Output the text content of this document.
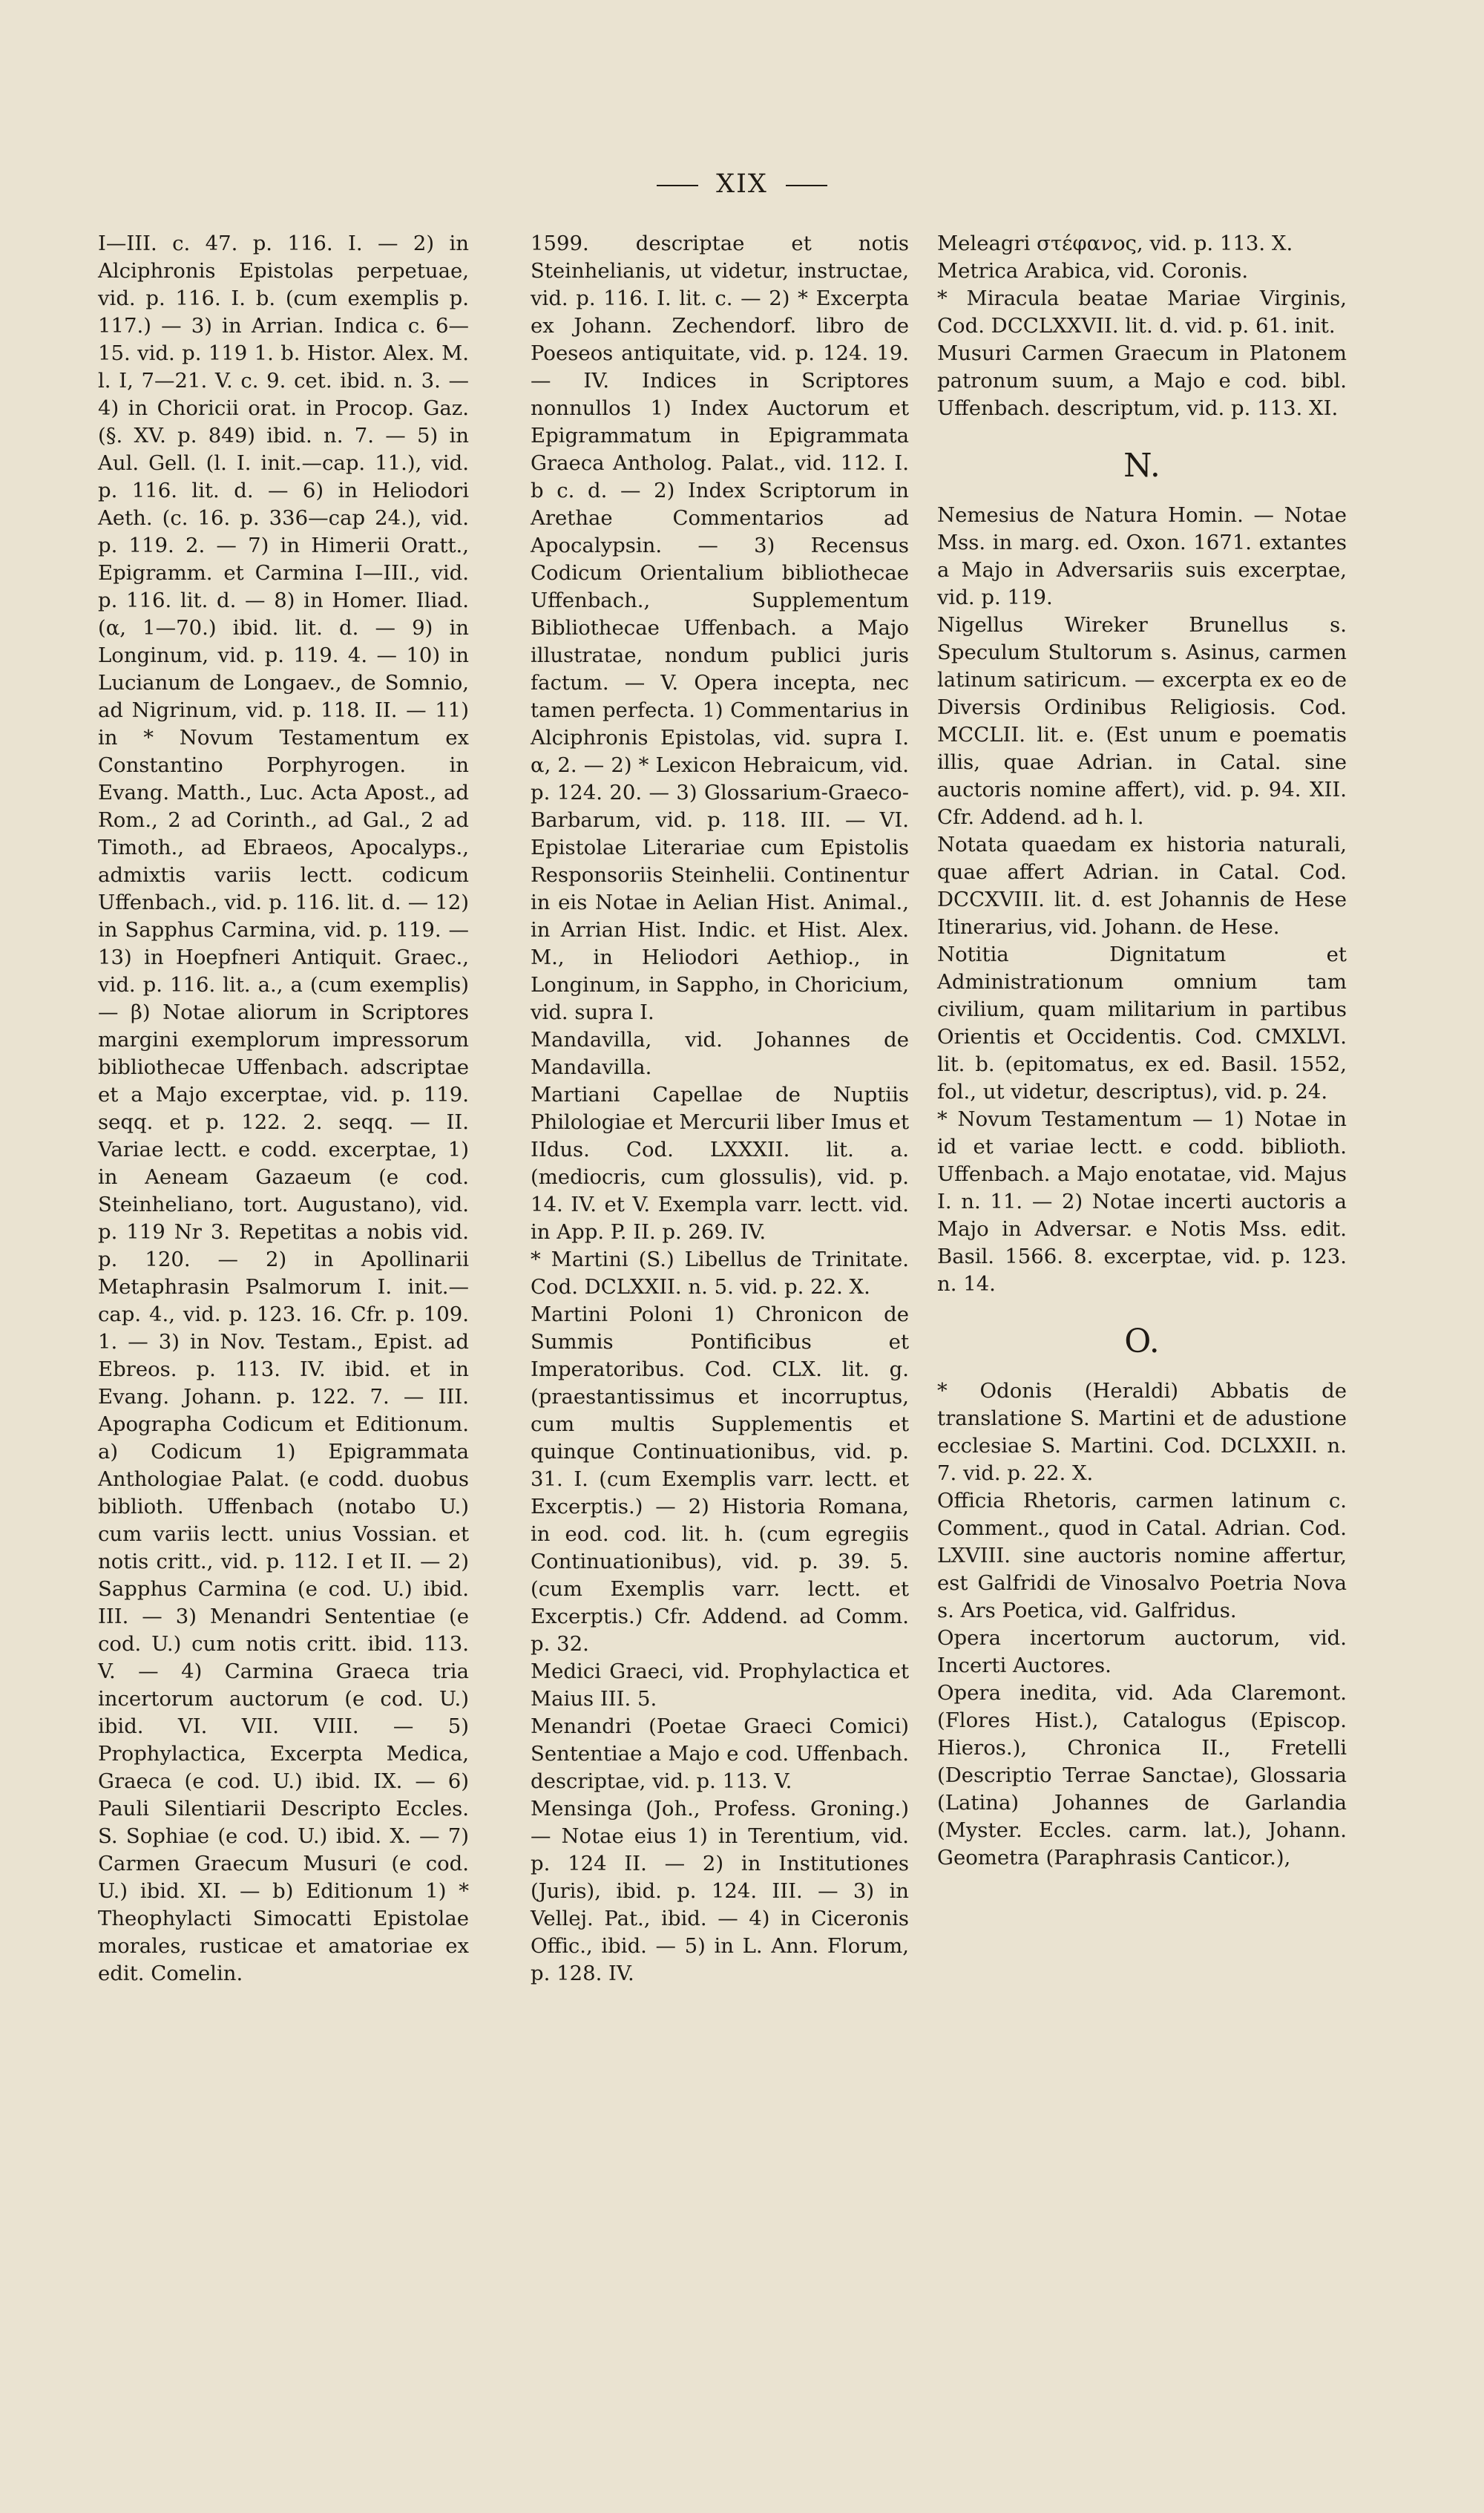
XIX

I—III. c. 47. p. 116. I. — 2) in Alciphronis Epistolas perpetuae, vid. p. 116. I. b. (cum exemplis p. 117.) — 3) in Arrian. Indica c. 6—15. vid. p. 119 1. b. Histor. Alex. M. l. I, 7—21. V. c. 9. cet. ibid. n. 3. — 4) in Choricii orat. in Procop. Gaz. (§. XV. p. 849) ibid. n. 7. — 5) in Aul. Gell. (l. I. init.—cap. 11.), vid. p. 116. lit. d. — 6) in Heliodori Aeth. (c. 16. p. 336—cap 24.), vid. p. 119. 2. — 7) in Himerii Oratt., Epigramm. et Carmina I—III., vid. p. 116. lit. d. — 8) in Homer. Iliad. (α, 1—70.) ibid. lit. d. — 9) in Longinum, vid. p. 119. 4. — 10) in Lucianum de Longaev., de Somnio, ad Nigrinum, vid. p. 118. II. — 11) in * Novum Testamentum ex Constantino Porphyrogen. in Evang. Matth., Luc. Acta Apost., ad Rom., 2 ad Corinth., ad Gal., 2 ad Timoth., ad Ebraeos, Apocalyps., admixtis variis lectt. codicum Uffenbach., vid. p. 116. lit. d. — 12) in Sapphus Carmina, vid. p. 119. — 13) in Hoepfneri Antiquit. Graec., vid. p. 116. lit. a., a (cum exemplis) — β) Notae aliorum in Scriptores margini exemplorum impressorum bibliothecae Uffenbach. adscriptae et a Majo excerptae, vid. p. 119. seqq. et p. 122. 2. seqq. — II. Variae lectt. e codd. excerptae, 1) in Aeneam Gazaeum (e cod. Steinheliano, tort. Augustano), vid. p. 119 Nr 3. Repetitas a nobis vid. p. 120. — 2) in Apollinarii Metaphrasin Psalmorum I. init.—cap. 4., vid. p. 123. 16. Cfr. p. 109. 1. — 3) in Nov. Testam., Epist. ad Ebreos. p. 113. IV. ibid. et in Evang. Johann. p. 122. 7. — III. Apographa Codicum et Editionum. a) Codicum 1) Epigrammata Anthologiae Palat. (e codd. duobus biblioth. Uffenbach (notabo U.) cum variis lectt. unius Vossian. et notis critt., vid. p. 112. I et II. — 2) Sapphus Carmina (e cod. U.) ibid. III. — 3) Menandri Sententiae (e cod. U.) cum notis critt. ibid. 113. V. — 4) Carmina Graeca tria incertorum auctorum (e cod. U.) ibid. VI. VII. VIII. — 5) Prophylactica, Excerpta Medica, Graeca (e cod. U.) ibid. IX. — 6) Pauli Silentiarii Descripto Eccles. S. Sophiae (e cod. U.) ibid. X. — 7) Carmen Graecum Musuri (e cod. U.) ibid. XI. — b) Editionum 1) * Theophylacti Simocatti Epistolae morales, rusticae et amatoriae ex edit. Comelin.

1599. descriptae et notis Steinhelianis, ut videtur, instructae, vid. p. 116. I. lit. c. — 2) * Excerpta ex Johann. Zechendorf. libro de Poeseos antiquitate, vid. p. 124. 19. — IV. Indices in Scriptores nonnullos 1) Index Auctorum et Epigrammatum in Epigrammata Graeca Antholog. Palat., vid. 112. I. b c. d. — 2) Index Scriptorum in Arethae Commentarios ad Apocalypsin. — 3) Recensus Codicum Orientalium bibliothecae Uffenbach., Supplementum Bibliothecae Uffenbach. a Majo illustratae, nondum publici juris factum. — V. Opera incepta, nec tamen perfecta. 1) Commentarius in Alciphronis Epistolas, vid. supra I. α, 2. — 2) * Lexicon Hebraicum, vid. p. 124. 20. — 3) Glossarium-Graeco-Barbarum, vid. p. 118. III. — VI. Epistolae Literariae cum Epistolis Responsoriis Steinhelii. Continentur in eis Notae in Aelian Hist. Animal., in Arrian Hist. Indic. et Hist. Alex. M., in Heliodori Aethiop., in Longinum, in Sappho, in Choricium, vid. supra I.

Mandavilla, vid. Johannes de Mandavilla.

Martiani Capellae de Nuptiis Philologiae et Mercurii liber Imus et IIdus. Cod. LXXXII. lit. a. (mediocris, cum glossulis), vid. p. 14. IV. et V. Exempla varr. lectt. vid. in App. P. II. p. 269. IV.

* Martini (S.) Libellus de Trinitate. Cod. DCLXXII. n. 5. vid. p. 22. X.

Martini Poloni 1) Chronicon de Summis Pontificibus et Imperatoribus. Cod. CLX. lit. g. (praestantissimus et incorruptus, cum multis Supplementis et quinque Continuationibus, vid. p. 31. I. (cum Exemplis varr. lectt. et Excerptis.) — 2) Historia Romana, in eod. cod. lit. h. (cum egregiis Continuationibus), vid. p. 39. 5. (cum Exemplis varr. lectt. et Excerptis.) Cfr. Addend. ad Comm. p. 32.

Medici Graeci, vid. Prophylactica et Maius III. 5.

Menandri (Poetae Graeci Comici) Sententiae a Majo e cod. Uffenbach. descriptae, vid. p. 113. V.

Mensinga (Joh., Profess. Groning.) — Notae eius 1) in Terentium, vid. p. 124 II. — 2) in Institutiones (Juris), ibid. p. 124. III. — 3) in Vellej. Pat., ibid. — 4) in Ciceronis Offic., ibid. — 5) in L. Ann. Florum, p. 128. IV.

Meleagri στέφανος, vid. p. 113. X.

Metrica Arabica, vid. Coronis.

* Miracula beatae Mariae Virginis, Cod. DCCLXXVII. lit. d. vid. p. 61. init.

Musuri Carmen Graecum in Platonem patronum suum, a Majo e cod. bibl. Uffenbach. descriptum, vid. p. 113. XI.

N.

Nemesius de Natura Homin. — Notae Mss. in marg. ed. Oxon. 1671. extantes a Majo in Adversariis suis excerptae, vid. p. 119.

Nigellus Wireker Brunellus s. Speculum Stultorum s. Asinus, carmen latinum satiricum. — excerpta ex eo de Diversis Ordinibus Religiosis. Cod. MCCLII. lit. e. (Est unum e poematis illis, quae Adrian. in Catal. sine auctoris nomine affert), vid. p. 94. XII. Cfr. Addend. ad h. l.

Notata quaedam ex historia naturali, quae affert Adrian. in Catal. Cod. DCCXVIII. lit. d. est Johannis de Hese Itinerarius, vid. Johann. de Hese.

Notitia Dignitatum et Administrationum omnium tam civilium, quam militarium in partibus Orientis et Occidentis. Cod. CMXLVI. lit. b. (epitomatus, ex ed. Basil. 1552, fol., ut videtur, descriptus), vid. p. 24.

* Novum Testamentum — 1) Notae in id et variae lectt. e codd. biblioth. Uffenbach. a Majo enotatae, vid. Majus I. n. 11. — 2) Notae incerti auctoris a Majo in Adversar. e Notis Mss. edit. Basil. 1566. 8. excerptae, vid. p. 123. n. 14.

O.

* Odonis (Heraldi) Abbatis de translatione S. Martini et de adustione ecclesiae S. Martini. Cod. DCLXXII. n. 7. vid. p. 22. X.

Officia Rhetoris, carmen latinum c. Comment., quod in Catal. Adrian. Cod. LXVIII. sine auctoris nomine affertur, est Galfridi de Vinosalvo Poetria Nova s. Ars Poetica, vid. Galfridus.

Opera incertorum auctorum, vid. Incerti Auctores.

Opera inedita, vid. Ada Claremont. (Flores Hist.), Catalogus (Episcop. Hieros.), Chronica II., Fretelli (Descriptio Terrae Sanctae), Glossaria (Latina) Johannes de Garlandia (Myster. Eccles. carm. lat.), Johann. Geometra (Paraphrasis Canticor.),
